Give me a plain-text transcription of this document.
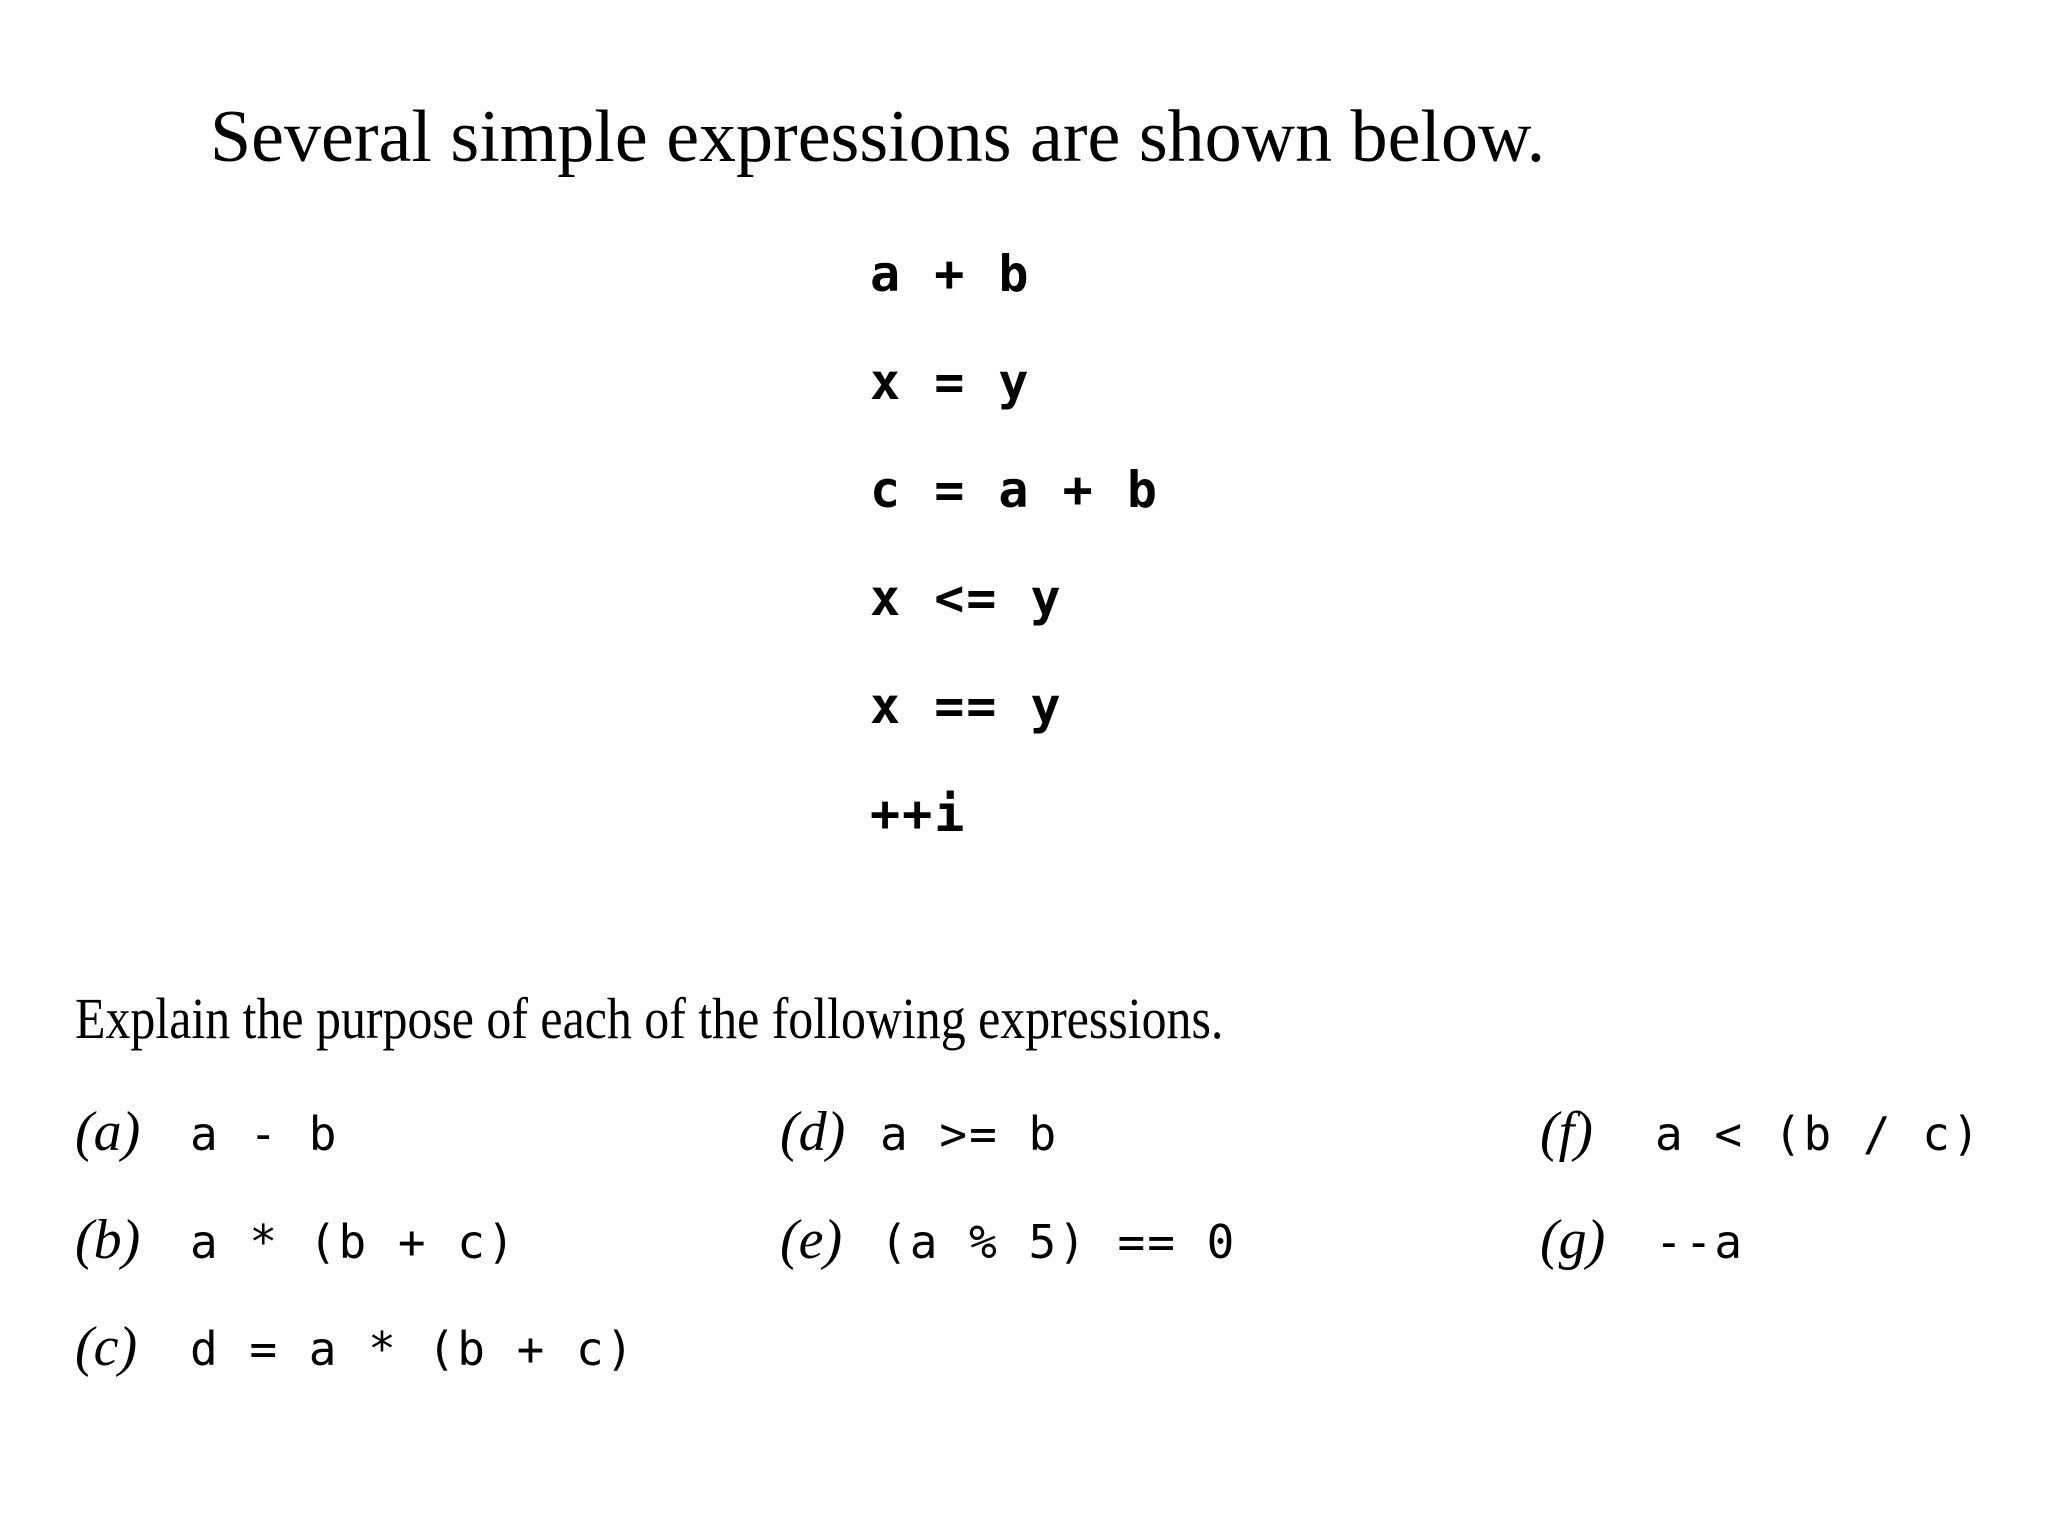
Several simple expressions are shown below.
a + b
x = y
c = a + b
x <= y
x == y
++i
Explain the purpose of each of the following expressions.
(a)	a - b
(b)	a * (b + c)
(c)	d = a * (b + c)
(d) a >= b
(e) (a % 5) == 0
(f)	a < (b / c)
(g)	--a
